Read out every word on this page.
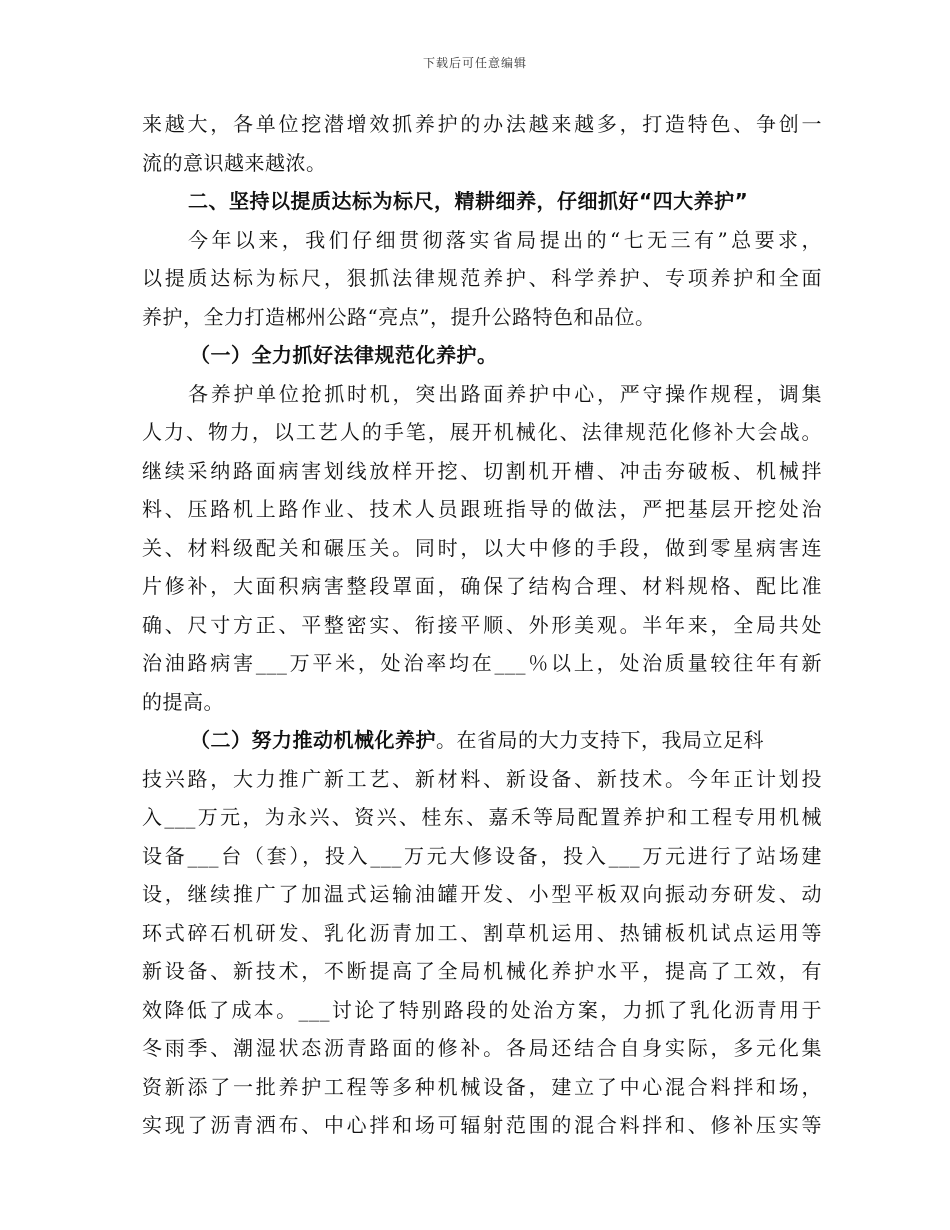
下载后可任意编辑
来越大，各单位挖潜增效抓养护的办法越来越多，打造特色、争创一
流的意识越来越浓。
二、坚持以提质达标为标尺，精耕细养，仔细抓好“四大养护”
今年以来，我们仔细贯彻落实省局提出的“七无三有”总要求，
以提质达标为标尺，狠抓法律规范养护、科学养护、专项养护和全面
养护，全力打造郴州公路“亮点”，提升公路特色和品位。
（一）全力抓好法律规范化养护。
各养护单位抢抓时机，突出路面养护中心，严守操作规程，调集
人力、物力，以工艺人的手笔，展开机械化、法律规范化修补大会战。
继续采纳路面病害划线放样开挖、切割机开槽、冲击夯破板、机械拌
料、压路机上路作业、技术人员跟班指导的做法，严把基层开挖处治
关、材料级配关和碾压关。同时，以大中修的手段，做到零星病害连
片修补，大面积病害整段罩面，确保了结构合理、材料规格、配比准
确、尺寸方正、平整密实、衔接平顺、外形美观。半年来，全局共处
治油路病害___万平米，处治率均在___％以上，处治质量较往年有新
的提高。
（二）努力推动机械化养护。在省局的大力支持下，我局立足科
技兴路，大力推广新工艺、新材料、新设备、新技术。今年正计划投
入___万元，为永兴、资兴、桂东、嘉禾等局配置养护和工程专用机械
设备___台（套），投入___万元大修设备，投入___万元进行了站场建
设，继续推广了加温式运输油罐开发、小型平板双向振动夯研发、动
环式碎石机研发、乳化沥青加工、割草机运用、热铺板机试点运用等
新设备、新技术，不断提高了全局机械化养护水平，提高了工效，有
效降低了成本。___讨论了特别路段的处治方案，力抓了乳化沥青用于
冬雨季、潮湿状态沥青路面的修补。各局还结合自身实际，多元化集
资新添了一批养护工程等多种机械设备，建立了中心混合料拌和场，
实现了沥青洒布、中心拌和场可辐射范围的混合料拌和、修补压实等
